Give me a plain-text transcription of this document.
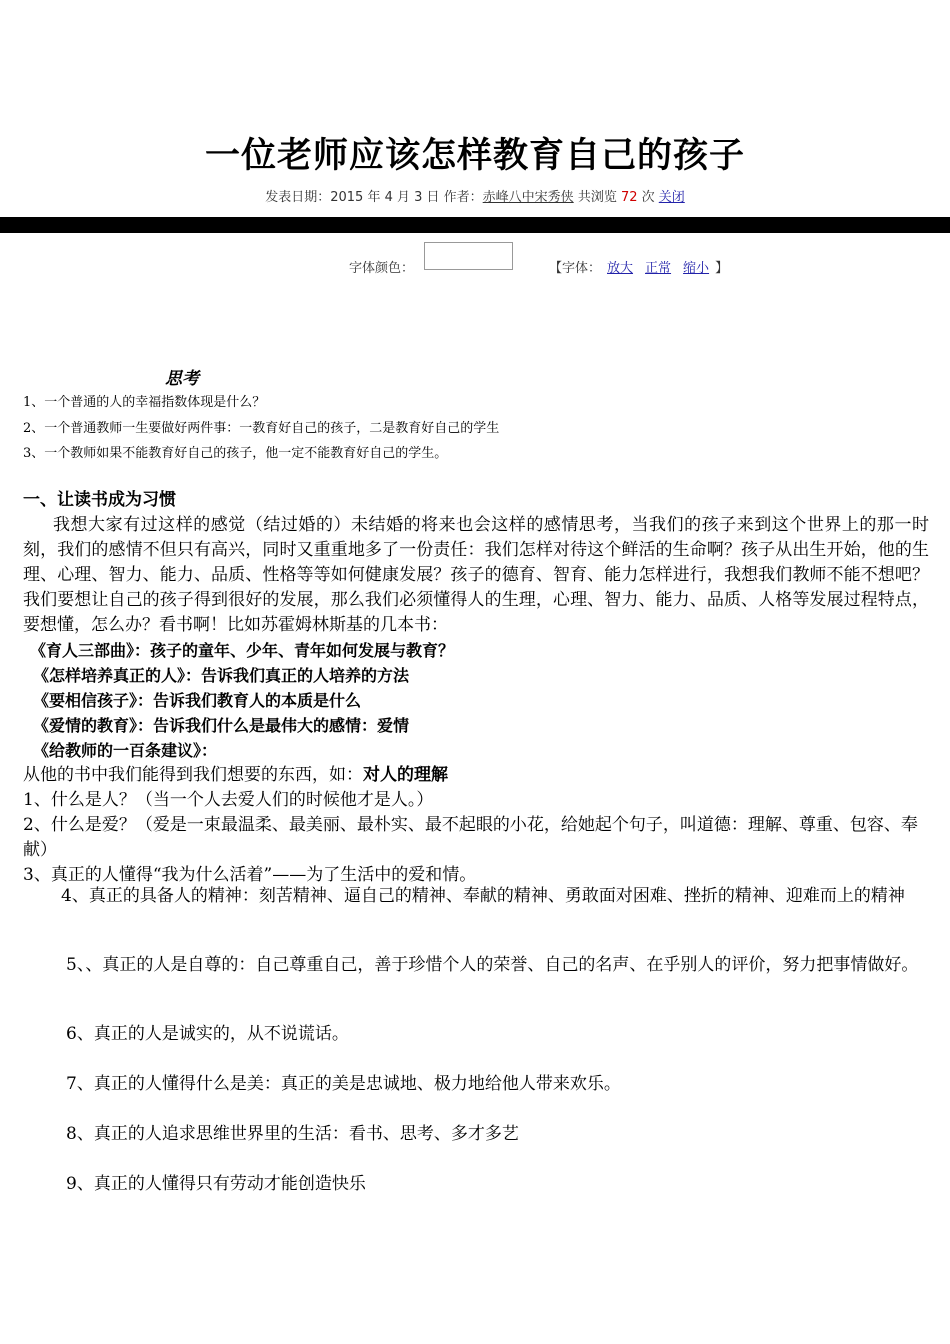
一位老师应该怎样教育自己的孩子
发表日期：2015 年 4 月 3 日 作者：赤峰八中宋秀侠 共浏览 72 次 关闭
字体颜色：	【字体： 放大 正常 缩小 】
思考
1、一个普通的人的幸福指数体现是什么？
2、一个普通教师一生要做好两件事：一教育好自己的孩子，二是教育好自己的学生
3、一个教师如果不能教育好自己的孩子，他一定不能教育好自己的学生。
一、让读书成为习惯

我想大家有过这样的感觉（结过婚的）未结婚的将来也会这样的感情思考，当我们的孩子来到这个世界上的那一时刻，我们的感情不但只有高兴，同时又重重地多了一份责任：我们怎样对待这个鲜活的生命啊？孩子从出生开始，他的生理、心理、智力、能力、品质、性格等等如何健康发展？孩子的德育、智育、能力怎样进行，我想我们教师不能不想吧？我们要想让自己的孩子得到很好的发展，那么我们必须懂得人的生理，心理、智力、能力、品质、人格等发展过程特点，要想懂，怎么办？看书啊！比如苏霍姆林斯基的几本书：

《育人三部曲》：孩子的童年、少年、青年如何发展与教育？
《怎样培养真正的人》：告诉我们真正的人培养的方法
《要相信孩子》：告诉我们教育人的本质是什么
《爱情的教育》：告诉我们什么是最伟大的感情：爱情
《给教师的一百条建议》：

从他的书中我们能得到我们想要的东西，如：对人的理解

1、什么是人？（当一个人去爱人们的时候他才是人。）

2、什么是爱？（爱是一束最温柔、最美丽、最朴实、最不起眼的小花，给她起个句子，叫道德：理解、尊重、包容、奉献）

3、真正的人懂得“我为什么活着”——为了生活中的爱和情。

4、真正的具备人的精神：刻苦精神、逼自己的精神、奉献的精神、勇敢面对困难、挫折的精神、迎难而上的精神
5、、真正的人是自尊的：自己尊重自己，善于珍惜个人的荣誉、自己的名声、在乎别人的评价，努力把事情做好。
6、真正的人是诚实的，从不说谎话。
7、真正的人懂得什么是美：真正的美是忠诚地、极力地给他人带来欢乐。
8、真正的人追求思维世界里的生活：看书、思考、多才多艺
9、真正的人懂得只有劳动才能创造快乐
